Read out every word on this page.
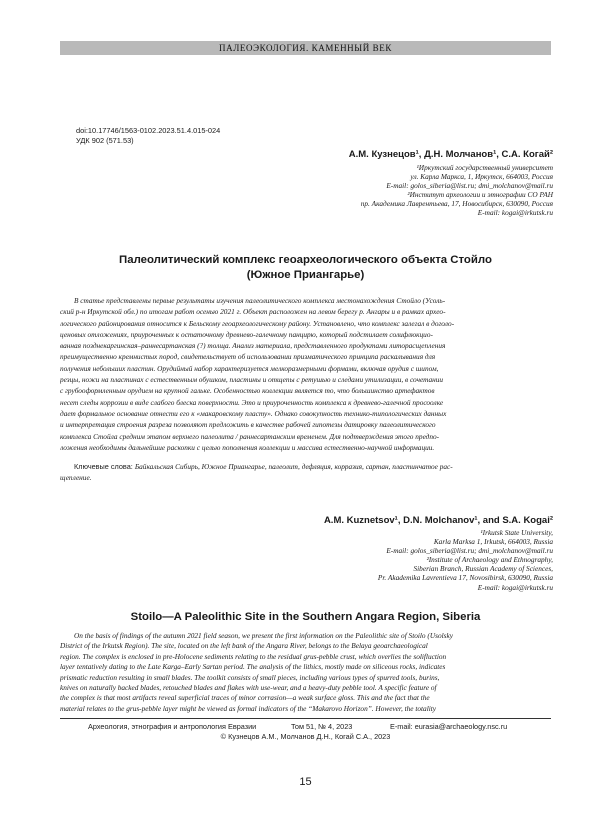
ПАЛЕОЭКОЛОГИЯ. КАМЕННЫЙ ВЕК
doi:10.17746/1563-0102.2023.51.4.015-024
УДК 902 (571.53)
А.М. Кузнецов¹, Д.Н. Молчанов¹, С.А. Когай²
¹Иркутский государственный университет
ул. Карла Маркса, 1, Иркутск, 664003, Россия
E-mail: golos_siberia@list.ru; dmi_molchanov@mail.ru
²Институт археологии и этнографии СО РАН
пр. Академика Лаврентьева, 17, Новосибирск, 630090, Россия
E-mail: kogai@irkutsk.ru
Палеолитический комплекс геоархеологического объекта Стойло
(Южное Приангарье)
В статье представлены первые результаты изучения палеолитического комплекса местонахождения Стойло (Усоль-
ский р-н Иркутской обл.) по итогам работ осенью 2021 г. Объект расположен на левом берегу р. Ангары и в рамках архео-
логического районирования относится к Бельскому геоархеологическому району. Установлено, что комплекс залегал в доголо-
ценовых отложениях, приуроченных к остаточному древнево-галечному панцирю, который подстилает солифлюкцио-
ванная позднекаргинская–раннесартанская (?) толща. Анализ материала, представленного продуктами литорасщепления
преимущественно кремнистых пород, свидетельствует об использовании призматического принципа раскалывания для
получения небольших пластин. Орудийный набор характеризуется мелкоразмерными формами, включая орудия с шипом,
резцы, ножи на пластинах с естественным обушком, пластины и отщепы с ретушью и следами утилизации, в сочетании
с грубооформленным орудием на крупной гальке. Особенностью коллекции является то, что большинство артефактов
несет следы коррозии в виде слабого блеска поверхности. Это и приуроченность комплекса к древнево-галечной просоолке
дает формальное основание отнести его к «макаровскому пласту». Однако совокупность технико-типологических данных
и интерпретация строения разреза позволяют предложить в качестве рабочей гипотезы датировку палеолитического
комплекса Стойла средним этапом верхнего палеолита / раннесартанским временем. Для подтверждения этого предпо-
ложения необходимы дальнейшие раскопки с целью пополнения коллекции и массива естественно-научной информации.
Ключевые слова: Байкальская Сибирь, Южное Приангарье, палеолит, дефляция, корразия, сартан, пластинчатое рас-
щепление.
A.M. Kuznetsov¹, D.N. Molchanov¹, and S.A. Kogai²
¹Irkutsk State University,
Karla Marksa 1, Irkutsk, 664003, Russia
E-mail: golos_siberia@list.ru; dmi_molchanov@mail.ru
²Institute of Archaeology and Ethnography,
Siberian Branch, Russian Academy of Sciences,
Pr. Akademika Lavrentieva 17, Novosibirsk, 630090, Russia
E-mail: kogai@irkutsk.ru
Stoilo—A Paleolithic Site in the Southern Angara Region, Siberia
On the basis of findings of the autumn 2021 field season, we present the first information on the Paleolithic site of Stoilo (Usolsky
District of the Irkutsk Region). The site, located on the left bank of the Angara River, belongs to the Belaya geoarchaeological
region. The complex is enclosed in pre-Holocene sediments relating to the residual grus-pebble crust, which overlies the solifluction
layer tentatively dating to the Late Karga–Early Sartan period. The analysis of the lithics, mostly made on siliceous rocks, indicates
prismatic reduction resulting in small blades. The toolkit consists of small pieces, including various types of spurred tools, burins,
knives on naturally backed blades, retouched blades and flakes with use-wear, and a heavy-duty pebble tool. A specific feature of
the complex is that most artifacts reveal superficial traces of minor corrasion—a weak surface gloss. This and the fact that the
material relates to the grus-pebble layer might be viewed as formal indicators of the “Makarovo Horizon”. However, the totality
Археология, этнография и антропология Евразии	Том 51, № 4, 2023	E-mail: eurasia@archaeology.nsc.ru
© Кузнецов А.М., Молчанов Д.Н., Когай С.А., 2023
15
